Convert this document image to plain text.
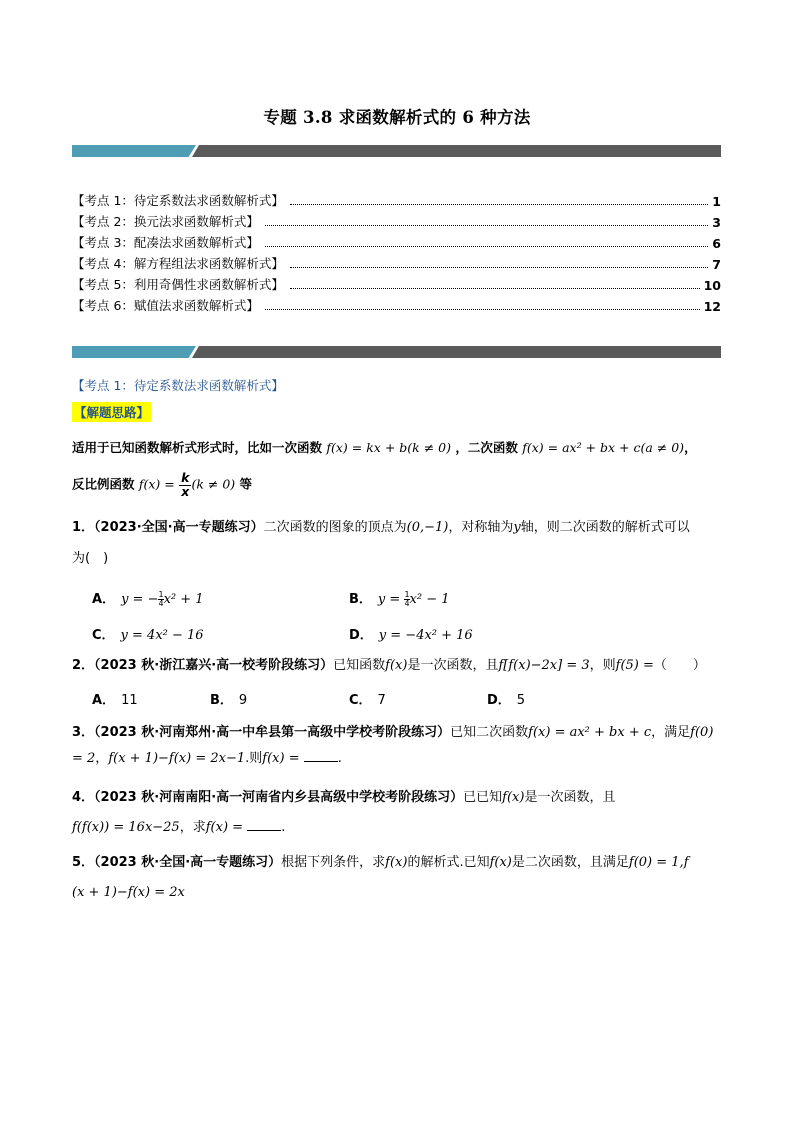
专题 3.8 求函数解析式的 6 种方法
【考点 1：待定系数法求函数解析式】	1
【考点 2：换元法求函数解析式】	3
【考点 3：配凑法求函数解析式】	6
【考点 4：解方程组法求函数解析式】	7
【考点 5：利用奇偶性求函数解析式】	10
【考点 6：赋值法求函数解析式】	12
【考点 1：待定系数法求函数解析式】
【解题思路】
适用于已知函数解析式形式时，比如一次函数 f(x) = kx + b(k ≠ 0) ，二次函数 f(x) = ax² + bx + c(a ≠ 0)，
反比例函数 $f(x) = \frac{k}{x} (k \ne 0)$ 等
1．（2023·全国·高一专题练习）二次函数的图象的顶点为(0,−1)，对称轴为y轴，则二次函数的解析式可以
为(　)
A． y = − $\frac{1}{4}x^2 + 1$	B． $y = \frac{1}{4}x^2 - 1$
C． y = 4x² − 16	D． y = −4x² + 16
2．（2023 秋·浙江嘉兴·高一校考阶段练习）已知函数f(x)是一次函数，且f[f(x)−2x] = 3，则f(5) =（　　）
A． 11	B． 9	C． 7	D． 5
3．（2023 秋·河南郑州·高一中牟县第一高级中学校考阶段练习）已知二次函数f(x) = ax² + bx + c，满足f(0)
= 2，f(x + 1)−f(x) = 2x−1.则f(x) =	.
4．（2023 秋·河南南阳·高一河南省内乡县高级中学校考阶段练习）已已知f(x)是一次函数，且
f(f(x)) = 16x−25，求f(x) =	.
5．（2023 秋·全国·高一专题练习）根据下列条件，求f(x)的解析式.已知f(x)是二次函数，且满足f(0) = 1,f
(x + 1)−f(x) = 2x
